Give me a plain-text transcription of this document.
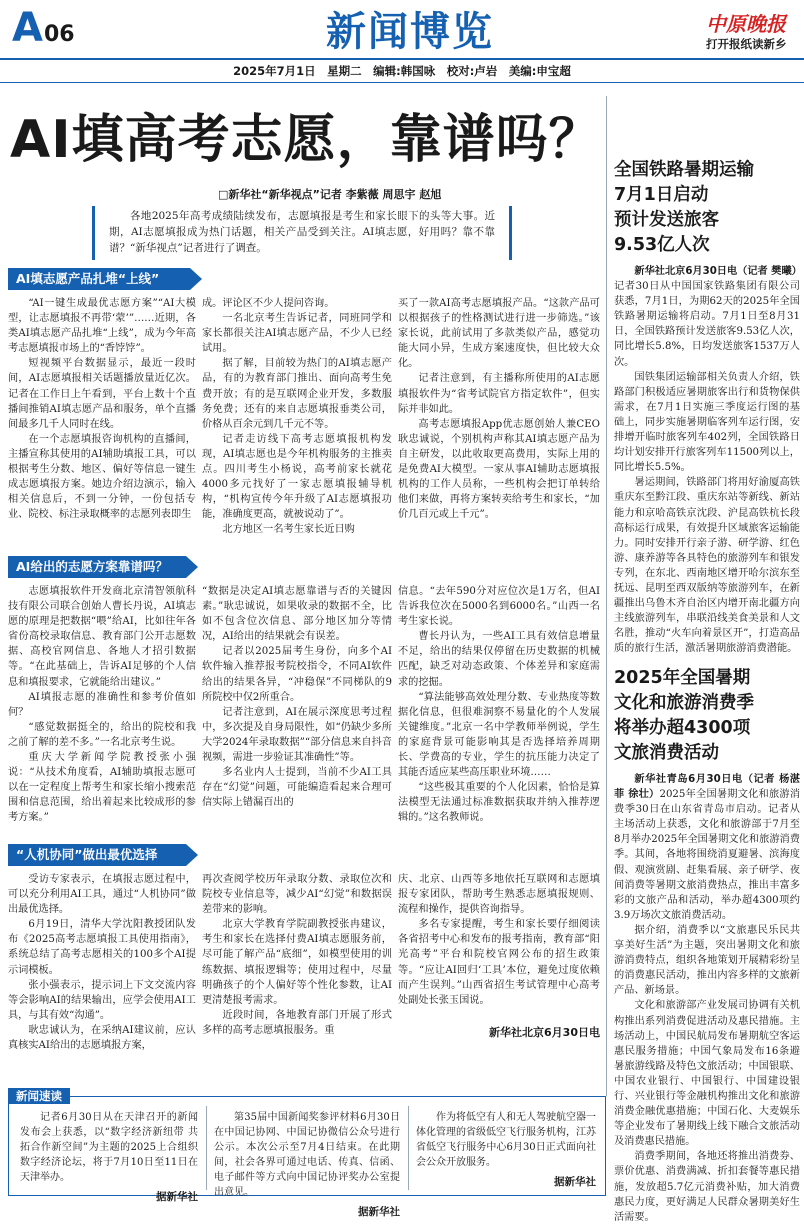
A 06	新闻博览	中原晚报
打开报纸读新乡
2025年7月1日　星期二　编辑:韩国咏　校对:卢岩　美编:申宝超
AI填高考志愿，靠谱吗？
□新华社“新华视点”记者 李紫薇 周思宇 赵旭
各地2025年高考成绩陆续发布，志愿填报是考生和家长眼下的头等大事。近期，AI志愿填报成为热门话题，相关产品受到关注。AI填志愿，好用吗？靠不靠谱？“新华视点”记者进行了调查。
AI填志愿产品扎堆“上线”

“AI一键生成最优志愿方案”“AI大模型，让志愿填报不再带‘蒙’”……近期，各类AI填志愿产品扎堆“上线”，成为今年高考志愿填报市场上的“香饽饽”。

短视频平台数据显示，最近一段时间，AI志愿填报相关话题播放量近亿次。记者在工作日上午看到，平台上数十个直播间推销AI填志愿产品和服务，单个直播间最多几千人同时在线。

在一个志愿填报咨询机构的直播间，主播宣称其使用的AI辅助填报工具，可以根据考生分数、地区、偏好等信息一键生成志愿填报方案。她边介绍边演示，输入相关信息后，不到一分钟，一份包括专业、院校、标注录取概率的志愿列表即生

成。评论区不少人提问咨询。

一名北京考生告诉记者，同班同学和家长都很关注AI填志愿产品，不少人已经试用。

据了解，目前较为热门的AI填志愿产品，有的为教育部门推出、面向高考生免费开放；有的是互联网企业开发，多数服务免费；还有的来自志愿填报垂类公司，价格从百余元到几千元不等。

记者走访线下高考志愿填报机构发现，AI填志愿也是今年机构服务的主推卖点。四川考生小杨说，高考前家长就花4000多元找好了一家志愿填报辅导机构，“机构宣传今年升级了AI志愿填报功能，准确度更高，就被说动了”。

北方地区一名考生家长近日购

买了一款AI高考志愿填报产品。“这款产品可以根据孩子的性格测试进行进一步筛选。”该家长说，此前试用了多款类似产品，感觉功能大同小异，生成方案速度快，但比较大众化。

记者注意到，有主播称所使用的AI志愿填报软件为“省考试院官方指定软件”，但实际并非如此。

高考志愿填报App优志愿创始人兼CEO耿忠诚说，个别机构声称其AI填志愿产品为自主研发，以此收取更高费用，实际上用的是免费AI大模型。一家从事AI辅助志愿填报机构的工作人员称，一些机构会把订单转给他们来做，再将方案转卖给考生和家长，“加价几百元或上千元”。

AI给出的志愿方案靠谱吗？

志愿填报软件开发商北京清智领航科技有限公司联合创始人曹长丹说，AI填志愿的原理是把数据“喂”给AI，比如往年各省份高校录取信息、教育部门公开志愿数据、高校官网信息、各地人才招引数据等。“在此基础上，告诉AI足够的个人信息和填报要求，它就能给出建议。”

AI填报志愿的准确性和参考价值如何？

“感觉数据挺全的，给出的院校和我之前了解的差不多。”一名北京考生说。

重庆大学新闻学院教授张小强说：“从技术角度看，AI辅助填报志愿可以在一定程度上帮考生和家长缩小搜索范围和信息范围，给出着起来比较成形的参考方案。”

“数据是决定AI填志愿靠谱与否的关键因素。”耿忠诚说，如果收录的数据不全，比如不包含位次信息、部分地区加分等情况，AI给出的结果就会有误差。

记者以2025届考生身份，向多个AI软件输入推荐报考院校指令，不同AI软件给出的结果各异，“冲稳保”不同梯队的9所院校中仅2所重合。

记者注意到，AI在展示深度思考过程中，多次提及自身局限性，如“仍缺少多所大学2024年录取数据”“部分信息来自抖音视频，需进一步验证其准确性”等。

多名业内人士提到，当前不少AI工具存在“幻觉”问题，可能编造看起来合理可信实际上错漏百出的

信息。“去年590分对应位次是1万名，但AI告诉我位次在5000名到6000名。”山西一名考生家长说。

曹长丹认为，一些AI工具有效信息增量不足，给出的结果仅停留在历史数据的机械匹配，缺乏对动态政策、个体差异和家庭需求的挖掘。

“算法能够高效处理分数、专业热度等数据化信息，但很难洞察不易量化的个人发展关键维度。”北京一名中学教师举例说，学生的家庭背景可能影响其是否选择培养周期长、学费高的专业，学生的抗压能力决定了其能否适应某些高压职业环境……

“这些极其重要的个人化因素，恰恰是算法模型无法通过标准数据获取并纳入推荐逻辑的。”这名教师说。

“人机协同”做出最优选择

受访专家表示，在填报志愿过程中，可以充分利用AI工具，通过“人机协同”做出最优选择。

6月19日，清华大学沈阳教授团队发布《2025高考志愿填报工具使用指南》，系统总结了高考志愿相关的100多个AI提示词模板。

张小强表示，提示词上下文交流内容等会影响AI的结果输出，应学会使用AI工具，与其有效“沟通”。

耿忠诚认为，在采纳AI建议前，应认真核实AI给出的志愿填报方案，

再次查阅学校历年录取分数、录取位次和院校专业信息等，减少AI“幻觉”和数据误差带来的影响。

北京大学教育学院副教授张冉建议，考生和家长在选择付费AI填志愿服务前，尽可能了解产品“底细”，如模型使用的训练数据、填报逻辑等；使用过程中，尽量明确孩子的个人偏好等个性化参数，让AI更清楚报考需求。

近段时间，各地教育部门开展了形式多样的高考志愿填报服务。重

庆、北京、山西等多地依托互联网和志愿填报专家团队，帮助考生熟悉志愿填报规则、流程和操作，提供咨询指导。

多名专家提醒，考生和家长要仔细阅读各省招考中心和发布的报考指南，教育部“阳光高考”平台和院校官网公布的招生政策等。“应让AI回归‘工具’本位，避免过度依赖而产生误判。”山西省招生考试管理中心高考处副处长张玉国说。

新华社北京6月30日电
全国铁路暑期运输
7月1日启动
预计发送旅客
9.53亿人次

新华社北京6月30日电（记者 樊曦）记者30日从中国国家铁路集团有限公司获悉，7月1日，为期62天的2025年全国铁路暑期运输将启动。7月1日至8月31日，全国铁路预计发送旅客9.53亿人次，同比增长5.8%，日均发送旅客1537万人次。

国铁集团运输部相关负责人介绍，铁路部门积极适应暑期旅客出行和货物保供需求，在7月1日实施三季度运行图的基础上，同步实施暑期临客列车运行图，安排增开临时旅客列车402列，全国铁路日均计划安排开行旅客列车11500列以上，同比增长5.5%。

暑运期间，铁路部门将用好渝厦高铁重庆东至黔江段、重庆东站等新线、新站能力和京哈高铁京沈段、沪昆高铁杭长段高标运行成果，有效提升区域旅客运输能力。同时安排开行亲子游、研学游、红色游、康养游等各具特色的旅游列车和银发专列，在东北、西南地区增开哈尔滨东至抚远、昆明至西双版纳等旅游列车，在新疆推出乌鲁木齐自治区内增开南北疆方向主线旅游列车，串联沿线美食美景和人文名胜，推动“火车向着景区开”，打造高品质的旅行生活，激活暑期旅游消费潜能。

2025年全国暑期
文化和旅游消费季
将举办超4300项
文旅消费活动

新华社青岛6月30日电（记者 杨湛菲 徐壮）2025年全国暑期文化和旅游消费季30日在山东省青岛市启动。记者从主场活动上获悉，文化和旅游部于7月至8月举办2025年全国暑期文化和旅游消费季。其间，各地将围绕消夏避暑、滨海度假、观演赏剧、赶集看展、亲子研学、夜间消费等暑期文旅消费热点，推出丰富多彩的文旅产品和活动，举办超4300项约3.9万场次文旅消费活动。

据介绍，消费季以“文旅惠民乐民共享美好生活”为主题，突出暑期文化和旅游消费特点，组织各地策划开展精彩纷呈的消费惠民活动，推出内容多样的文旅新产品、新场景。

文化和旅游部产业发展司协调有关机构推出系列消费促进活动及惠民措施。主场活动上，中国民航局发布暑期航空客运惠民服务措施；中国气象局发布16条避暑旅游线路及特色文旅活动；中国银联、中国农业银行、中国银行、中国建设银行、兴业银行等金融机构推出文化和旅游消费金融优惠措施；中国石化、大麦娱乐等企业发布了暑期线上线下融合文旅活动及消费惠民措施。

消费季期间，各地还将推出消费券、票价优惠、消费满减、折扣套餐等惠民措施，发放超5.7亿元消费补贴，加大消费惠民力度，更好满足人民群众暑期美好生活需要。

新闻速读

记者6月30日从在天津召开的新闻发布会上获悉，以“数字经济新纽带 共拓合作新空间”为主题的2025上合组织数字经济论坛，将于7月10日至11日在天津举办。

据新华社

第35届中国新闻奖参评材料6月30日在中国记协网、中国记协微信公众号进行公示。本次公示至7月4日结束。在此期间，社会各界可通过电话、传真、信函、电子邮件等方式向中国记协评奖办公室提出意见。

据新华社

作为将低空有人和无人驾驶航空器一体化管理的省级低空飞行服务机构，江苏省低空飞行服务中心6月30日正式面向社会公众开放服务。

据新华社
